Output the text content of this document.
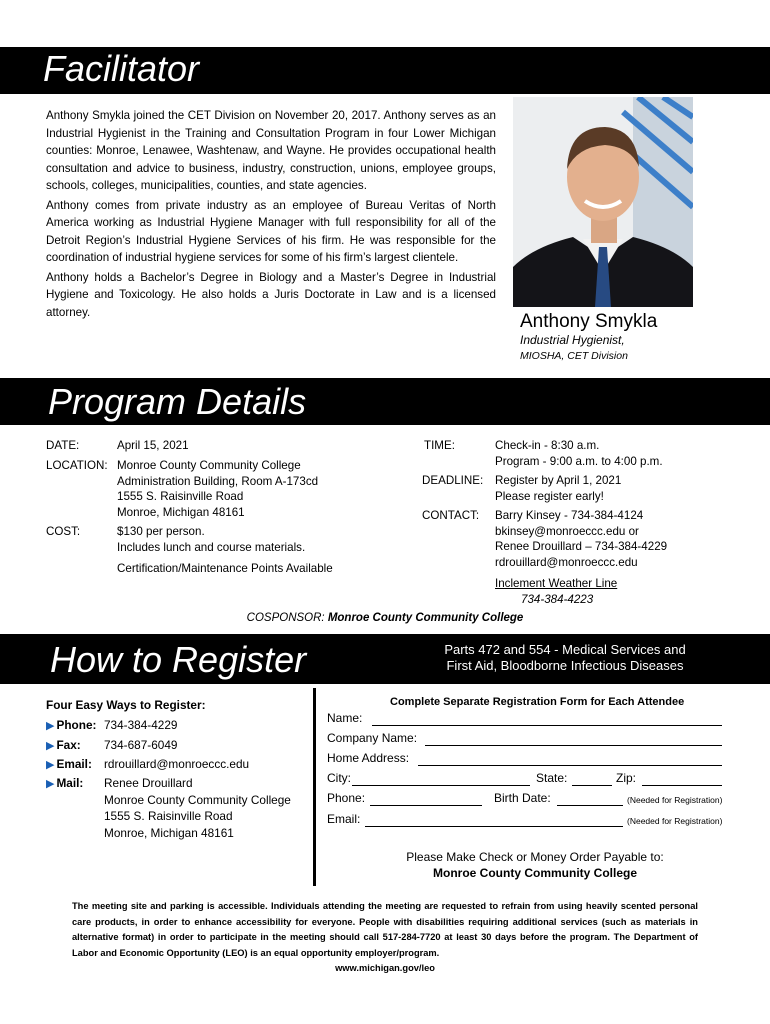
Facilitator

Anthony Smykla joined the CET Division on November 20, 2017. Anthony serves as an Industrial Hygienist in the Training and Consultation Program in four Lower Michigan counties: Monroe, Lenawee, Washtenaw, and Wayne. He provides occupational health consultation and advice to business, industry, construction, unions, employee groups, schools, colleges, municipalities, counties, and state agencies.

Anthony comes from private industry as an employee of Bureau Veritas of North America working as Industrial Hygiene Manager with full responsibility for all of the Detroit Region’s Industrial Hygiene Services of his firm. He was responsible for the coordination of industrial hygiene services for some of his firm’s largest clientele.

Anthony holds a Bachelor’s Degree in Biology and a Master’s Degree in Industrial Hygiene and Toxicology. He also holds a Juris Doctorate in Law and is a licensed attorney.	Anthony Smykla
Industrial Hygienist,
MIOSHA, CET Division
Program Details
DATE:	April 15, 2021
LOCATION: Monroe County Community College
Administration Building, Room A-173cd
1555 S. Raisinville Road
Monroe, Michigan 48161
COST:	$130 per person.
Includes lunch and course materials.
Certification/Maintenance Points Available
TIME:	Check-in - 8:30 a.m.
Program - 9:00 a.m. to 4:00 p.m.
DEADLINE: Register by April 1, 2021
Please register early!
CONTACT: Barry Kinsey - 734-384-4124
bkinsey@monroeccc.edu or
Renee Drouillard – 734-384-4229
rdrouillard@monroeccc.edu
Inclement Weather Line
734-384-4223
COSPONSOR: Monroe County Community College
How to Register	Parts 472 and 554 - Medical Services and
First Aid, Bloodborne Infectious Diseases
Four Easy Ways to Register:
▶ Phone: 734-384-4229
▶ Fax: 734-687-6049
▶ Email: rdrouillard@monroeccc.edu
▶ Mail: Renee Drouillard
Monroe County Community College
1555 S. Raisinville Road
Monroe, Michigan 48161
Complete Separate Registration Form for Each Attendee
Name:
Company Name:
Home Address:
City:	State:	Zip:
Phone:	Birth Date:	(Needed for Registration)
Email:	(Needed for Registration)
Please Make Check or Money Order Payable to:
Monroe County Community College
The meeting site and parking is accessible. Individuals attending the meeting are requested to refrain from using heavily scented personal care products, in order to enhance accessibility for everyone. People with disabilities requiring additional services (such as materials in alternative format) in order to participate in the meeting should call 517-284-7720 at least 30 days before the program. The Department of Labor and Economic Opportunity (LEO) is an equal opportunity employer/program.
www.michigan.gov/leo
